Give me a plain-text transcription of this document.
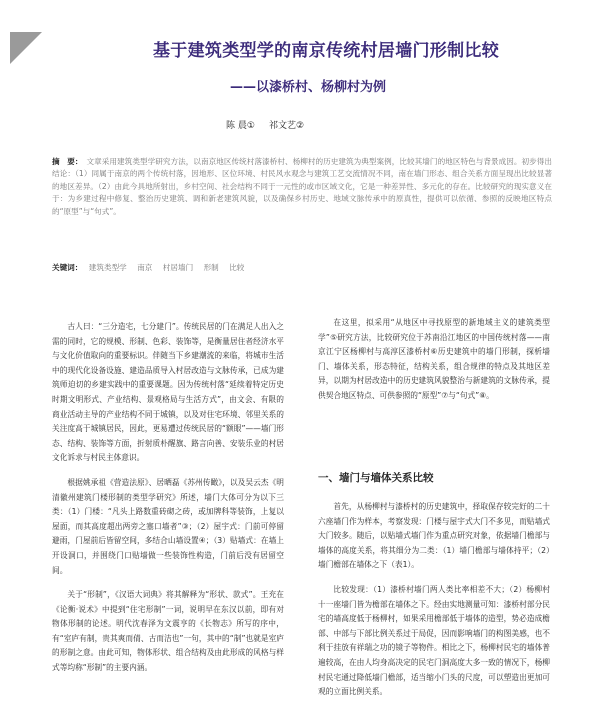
基于建筑类型学的南京传统村居墙门形制比较
——以漆桥村、杨柳村为例
陈 晨① 祁文艺②
摘　要： 文章采用建筑类型学研究方法，以南京地区传统村落漆桥村、杨柳村的历史建筑为典型案例，比较其墙门的地区特色与背景成因。初步得出结论：（1）同属于南京的两个传统村落，因地形、区位环境、村民风水观念与建筑工艺交流情况不同，南在墙门形态、组合关系方面呈现出比较显著的地区差异。（2）由此今具地所射出，乡村空间、社会结构不同于一元性的或市区域文化，它是一种差异性、多元化的存在。比较研究的现实意义在于：为乡建过程中修复、整治历史建筑、调和新老建筑风貌，以及确保乡村历史、地域文脉传承中的原真性，提供可以依循、参照的反映地区特点的“原型”与“句式”。
关键词： 建筑类型学 南京 村居墙门 形制 比较

古人曰：“三分造宅，七分建门”。传统民居的门在满足人出入之需的同时，它的规模、形制、色彩、装饰等，是衡量居住者经济水平与文化价值取向的重要标识。伴随当下乡建潮流的来临，将城市生活中的现代化设备设施、建造品质导入村居改造与文脉传承，已成为建筑师迫切的乡建实践中的重要课题。因为传统村落“延续着特定历史时期文明形式、产业结构、景观格局与生活方式”，由文会、有限的商业活动主导的产业结构不同于城镇，以及对住宅环境、邻里关系的关注度高于城镇居民，因此，更易遭过传统民居的“额眼”——墙门形态、结构、装饰等方面，折射质朴醒旗、路言向善、安装乐业的村居文化诉求与村民主体意识。

根据姚承祖《营造法原》、居晒磊《苏州传瞰》，以及吴云杰《明清徽州建筑门楼形制的类型学研究》所述，墙门大体可分为以下三类：（1）门楼：“凡头上路数重砖砌之砖，或加牌科等装饰，上复以屋面，而其高度超出两旁之塞口墙者”③；（2）屋宇式：门前可停留避雨，门屋前后皆留空间，多结合山墙设置④；（3）贴墙式：在墙上开设洞口，并围绕门口贴墙做一些装饰性构造，门前后没有居留空间。

关于“形制”，《汉语大词典》将其解释为“形状、款式”。王充在《论衡·说术》中提到“住宅形制”一词，说明早在东汉以前，即有对物体形制的论述。明代沈春泽为文震亨的《长物志》所写的序中，有“室庐有制，贵其爽而倩、古而洁也”一句，其中的“制”也就是室庐的形制之意。由此可知，物体形状、组合结构及由此形成的风格与样式等均称“形制”的主要内涵。

在这里，拟采用“从地区中寻找原型的新地域主义的建筑类型学”⑤研究方法，比较研究位于苏南沿江地区的中国传统村落——南京江宁区杨柳村与高淳区漆桥村⑥历史建筑中的墙门形制，探析墙门、墙体关系，形态特征，结构关系，组合规律的特点及其地区差异，以期为村居改造中的历史建筑风貌整治与新建筑的文脉传承，提供契合地区特点、可供参照的“原型”⑦与“句式”⑧。

一、墙门与墙体关系比较

首先，从杨柳村与漆桥村的历史建筑中，择取保存较完好的二十六座墙门作为样本，考察发现：门楼与屋宇式大门不多见，而贴墙式大门较多。随后，以贴墙式墙门作为重点研究对象，依据墙门檐部与墙体的高度关系，将其细分为二类：（1）墙门檐部与墙体持平；（2）墙门檐部在墙体之下（表1）。

比较发现：（1）漆桥村墙门两人类比率相差不大；（2）杨柳村十一座墙门皆为檐部在墙体之下。经由实地测量可知：漆桥村部分民宅的墙高度低于杨柳村，如果采用檐部低于墙体的造型，势必造成檐部、中部与下部比例关系过于局促，因而影响墙门的构图美感，也不利于挂放有祥瑞之功的镜子等物件。相比之下，杨柳村民宅的墙体普遍较高，在由人均身高决定的民宅门洞高度大多一致的情况下，杨柳村民宅通过降低墙门檐部，适当缩小门头的尺度，可以塑造出更加可观的立面比例关系。
